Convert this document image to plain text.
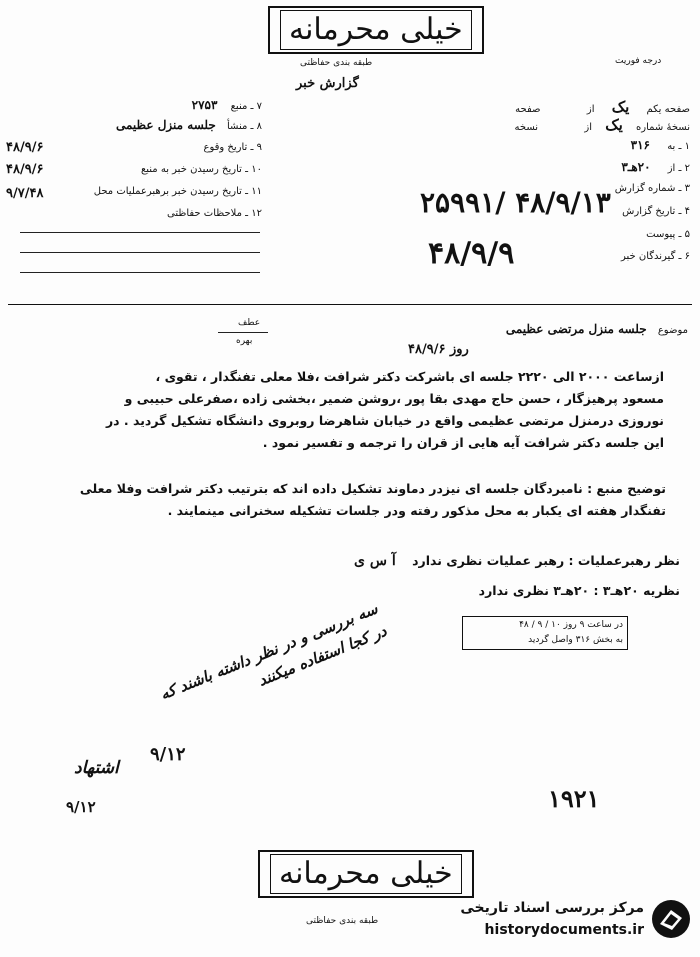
خیلی محرمانه
طبقه بندی حفاظتی	درجه فوریت
گزارش خبر
صفحه یکم یک از  صفحه
نسخهٔ شماره یک از  نسخه
۱ ـ به ۳۱۶
۲ ـ از ۲۰هـ۳
۳ ـ شماره گزارش
۴ ـ تاریخ گزارش
۵ ـ پیوست
۶ ـ گیرندگان خبر
۴۸/۹/۱۳ /۲۵۹۹۱
۴۸/۹/۹
۷ ـ منبع ۲۷۵۳
۸ ـ منشأ جلسه منزل عظیمی
۹ ـ تاریخ وقوع
۴۸/۹/۶
۱۰ ـ تاریخ رسیدن خبر به منبع
۴۸/۹/۶
۱۱ ـ تاریخ رسیدن خبر برهبرعملیات محل
۹/۷/۴۸
۱۲ ـ ملاحظات حفاظتی
موضوع جلسه منزل مرتضی عظیمی
روز ۴۸/۹/۶
عطف
بهره
ازساعت ۲۰۰۰ الی ۲۲۲۰ جلسه ای باشرکت دکتر شرافت ،فلا معلی تفنگدار ، تقوی ،
مسعود پرهیزگار ، حسن حاج مهدی بقا پور ،روشن ضمیر ،بخشی زاده ،صفرعلی حبیبی و
نوروزی درمنزل مرتضی عظیمی واقع در خیابان شاهرضا روبروی دانشگاه تشکیل گردید . در
این جلسه دکتر شرافت آیه هایی از قران را ترجمه و تفسیر نمود .
توضیح منبع : نامبردگان جلسه ای نیزدر دماوند تشکیل داده اند که بترتیب دکتر شرافت وفلا معلی
تفنگدار هفته ای یکبار به محل مذکور رفته ودر جلسات تشکیله سخنرانی مینمایند .
نظر رهبرعملیات : رهبر عملیات نظری ندارد آ س ی
نظریه ۲۰هـ۳ : ۲۰هـ۳ نظری ندارد
در ساعت ۹ روز ۱۰ / ۹ / ۴۸
به بخش ۳۱۶ واصل گردید
سه بررسی و در نظر داشته باشند که در کجا استفاده میکنند
۹/۱۲
اشتهاد
۹/۱۲	۱۹۲۱
خیلی محرمانه
طبقه بندی حفاظتی
مرکز بررسی اسناد تاریخی
historydocuments.ir
